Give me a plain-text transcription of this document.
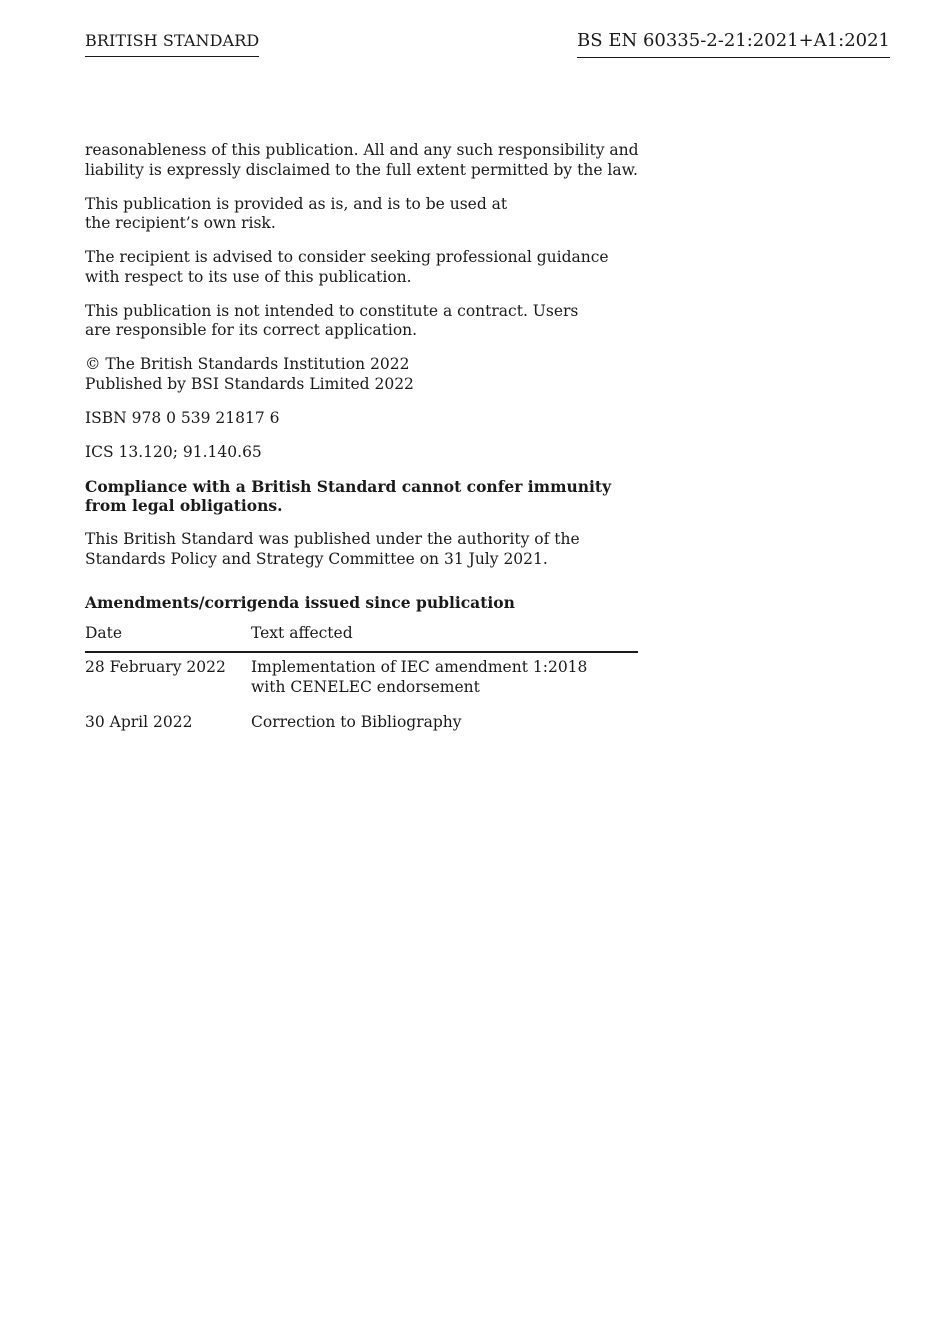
BRITISH STANDARD	BS EN 60335-2-21:2021+A1:2021

reasonableness of this publication. All and any such responsibility and liability is expressly disclaimed to the full extent permitted by the law.

This publication is provided as is, and is to be used at the recipient’s own risk.

The recipient is advised to consider seeking professional guidance with respect to its use of this publication.

This publication is not intended to constitute a contract. Users are responsible for its correct application.

© The British Standards Institution 2022
Published by BSI Standards Limited 2022

ISBN 978 0 539 21817 6

ICS 13.120; 91.140.65

Compliance with a British Standard cannot confer immunity from legal obligations.

This British Standard was published under the authority of the Standards Policy and Strategy Committee on 31 July 2021.

Amendments/corrigenda issued since publication
Date	Text affected
28 February 2022	Implementation of IEC amendment 1:2018 with CENELEC endorsement
30 April 2022	Correction to Bibliography
